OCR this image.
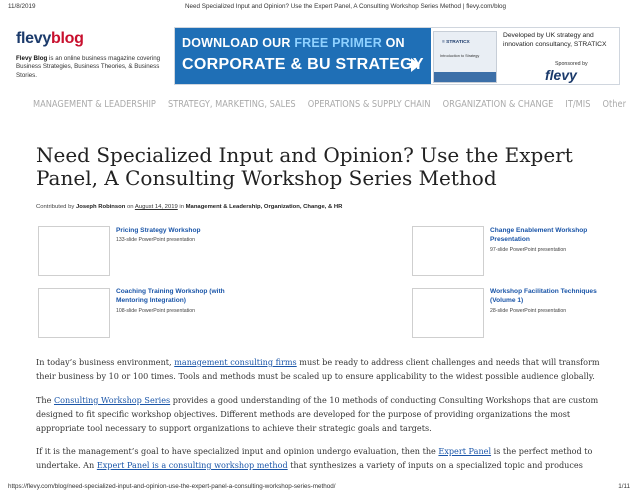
11/8/2019	Need Specialized Input and Opinion? Use the Expert Panel, A Consulting Workshop Series Method | flevy.com/blog
flevyblog
Flevy Blog is an online business magazine covering Business Strategies, Business Theories, & Business Stories.
DOWNLOAD OUR FREE PRIMER ON
CORPORATE & BU STRATEGY
≡ STRATICX
Introduction to Strategy
Developed by UK strategy and innovation consultancy, STRATICX
Sponsored by
flevy
MANAGEMENT & LEADERSHIP STRATEGY, MARKETING, SALES OPERATIONS & SUPPLY CHAIN ORGANIZATION & CHANGE IT/MIS Other
Need Specialized Input and Opinion? Use the Expert Panel, A Consulting Workshop Series Method
Contributed by Joseph Robinson on August 14, 2019 in Management & Leadership, Organization, Change, & HR
Pricing Strategy Workshop
133-slide PowerPoint presentation
Change Enablement Workshop Presentation
97-slide PowerPoint presentation
Coaching Training Workshop (with Mentoring Integration)
108-slide PowerPoint presentation
Workshop Facilitation Techniques (Volume 1)
28-slide PowerPoint presentation

In today’s business environment, management consulting firms must be ready to address client challenges and needs that will transform their business by 10 or 100 times. Tools and methods must be scaled up to ensure applicability to the widest possible audience globally.

The Consulting Workshop Series provides a good understanding of the 10 methods of conducting Consulting Workshops that are custom designed to fit specific workshop objectives. Different methods are developed for the purpose of providing organizations the most appropriate tool necessary to support organizations to achieve their strategic goals and targets.

If it is the management’s goal to have specialized input and opinion undergo evaluation, then the Expert Panel is the perfect method to undertake. An Expert Panel is a consulting workshop method that synthesizes a variety of inputs on a specialized topic and produces

https://flevy.com/blog/need-specialized-input-and-opinion-use-the-expert-panel-a-consulting-workshop-series-method/	1/11
